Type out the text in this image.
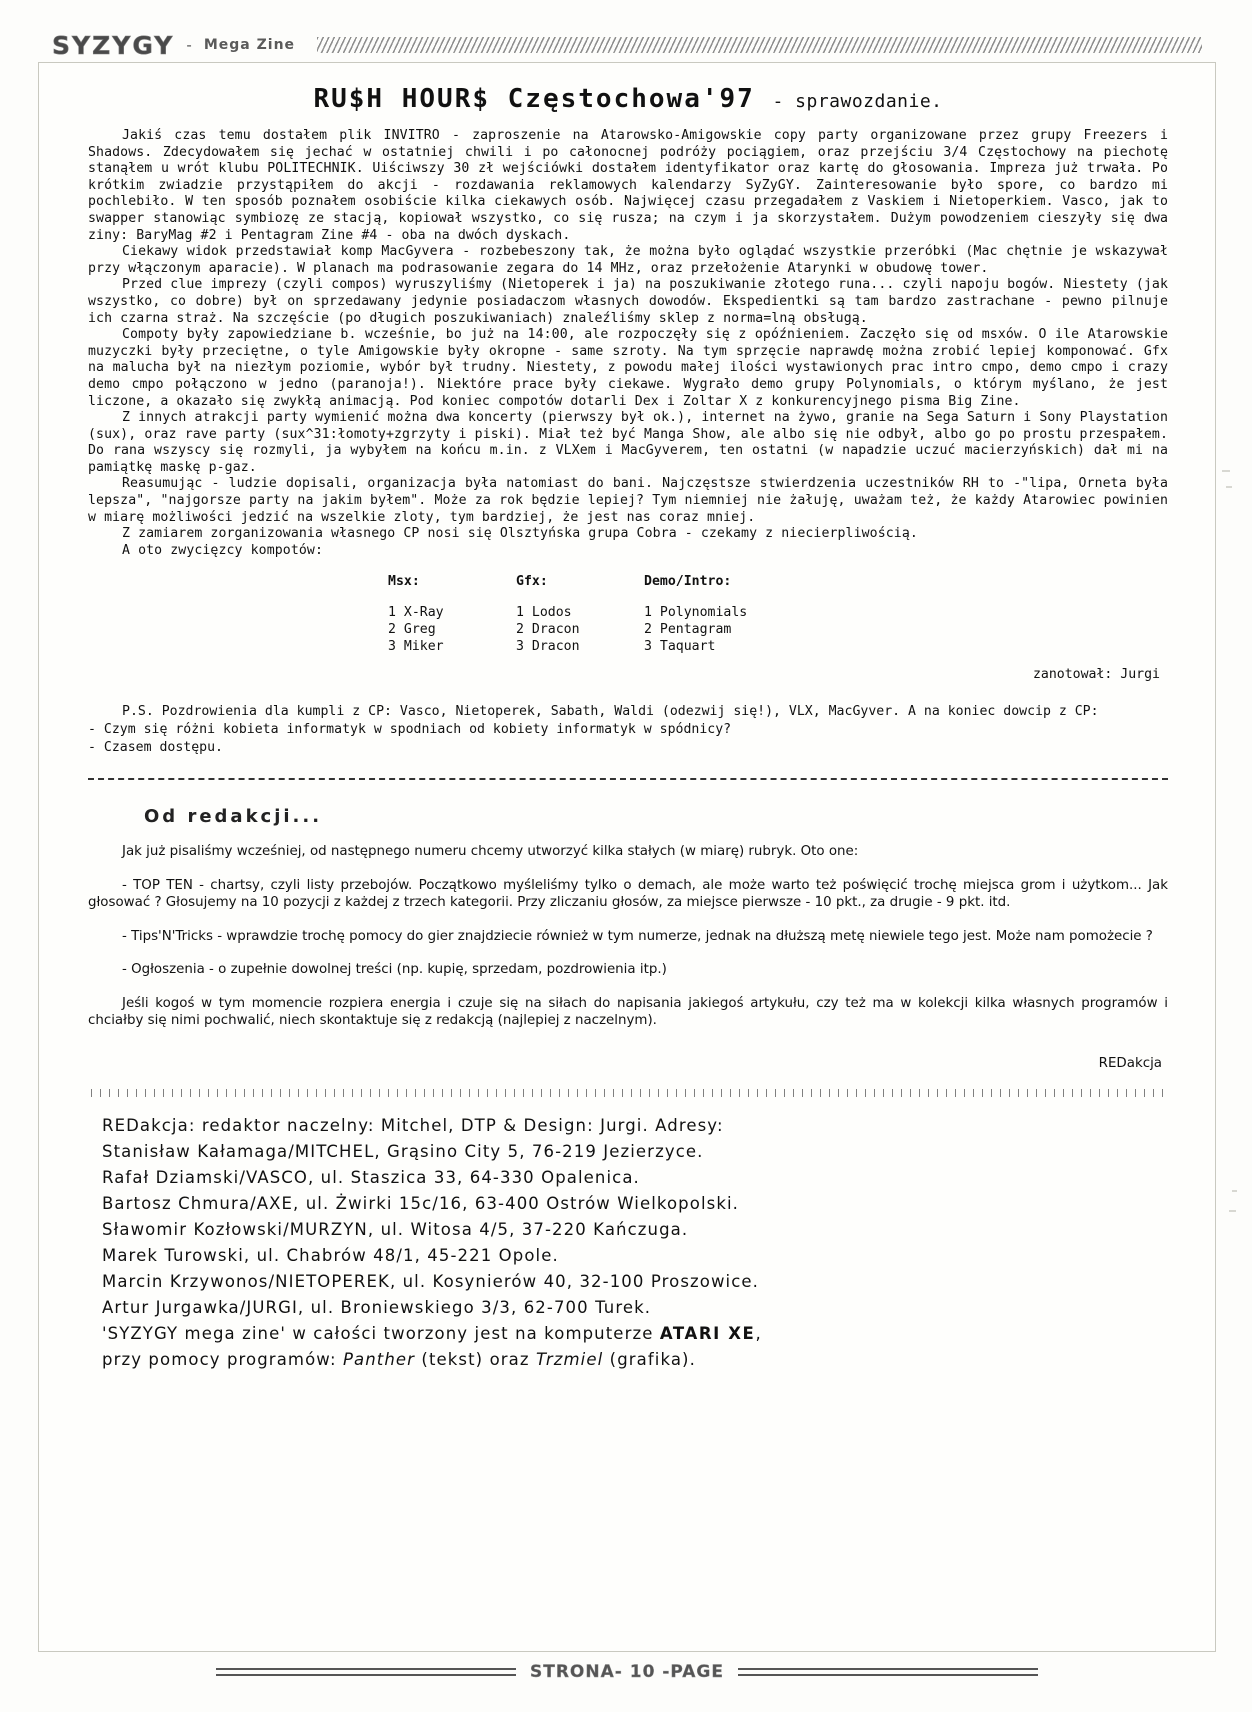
SYZYGY - Mega Zine
RU$H HOUR$ Częstochowa'97 - sprawozdanie.

Jakiś czas temu dostałem plik INVITRO - zaproszenie na Atarowsko-Amigowskie copy party organizowane przez grupy Freezers i Shadows. Zdecydowałem się jechać w ostatniej chwili i po całonocnej podróży pociągiem, oraz przejściu 3/4 Częstochowy na piechotę stanąłem u wrót klubu POLITECHNIK. Uiściwszy 30 zł wejściówki dostałem identyfikator oraz kartę do głosowania. Impreza już trwała. Po krótkim zwiadzie przystąpiłem do akcji - rozdawania reklamowych kalendarzy SyZyGY. Zainteresowanie było spore, co bardzo mi pochlebiło. W ten sposób poznałem osobiście kilka ciekawych osób. Najwięcej czasu przegadałem z Vaskiem i Nietoperkiem. Vasco, jak to swapper stanowiąc symbiozę ze stacją, kopiował wszystko, co się rusza; na czym i ja skorzystałem. Dużym powodzeniem cieszyły się dwa ziny: BaryMag #2 i Pentagram Zine #4 - oba na dwóch dyskach.

Ciekawy widok przedstawiał komp MacGyvera - rozbebeszony tak, że można było oglądać wszystkie przeróbki (Mac chętnie je wskazywał przy włączonym aparacie). W planach ma podrasowanie zegara do 14 MHz, oraz przełożenie Atarynki w obudowę tower.

Przed clue imprezy (czyli compos) wyruszyliśmy (Nietoperek i ja) na poszukiwanie złotego runa... czyli napoju bogów. Niestety (jak wszystko, co dobre) był on sprzedawany jedynie posiadaczom własnych dowodów. Ekspedientki są tam bardzo zastrachane - pewno pilnuje ich czarna straż. Na szczęście (po długich poszukiwaniach) znaleźliśmy sklep z norma=lną obsługą.

Compoty były zapowiedziane b. wcześnie, bo już na 14:00, ale rozpoczęły się z opóźnieniem. Zaczęło się od msxów. O ile Atarowskie muzyczki były przeciętne, o tyle Amigowskie były okropne - same szroty. Na tym sprzęcie naprawdę można zrobić lepiej komponować. Gfx na malucha był na niezłym poziomie, wybór był trudny. Niestety, z powodu małej ilości wystawionych prac intro cmpo, demo cmpo i crazy demo cmpo połączono w jedno (paranoja!). Niektóre prace były ciekawe. Wygrało demo grupy Polynomials, o którym myślano, że jest liczone, a okazało się zwykłą animacją. Pod koniec compotów dotarli Dex i Zoltar X z konkurencyjnego pisma Big Zine.

Z innych atrakcji party wymienić można dwa koncerty (pierwszy był ok.), internet na żywo, granie na Sega Saturn i Sony Playstation (sux), oraz rave party (sux^31:łomoty+zgrzyty i piski). Miał też być Manga Show, ale albo się nie odbył, albo go po prostu przespałem. Do rana wszyscy się rozmyli, ja wybyłem na końcu m.in. z VLXem i MacGyverem, ten ostatni (w napadzie uczuć macierzyńskich) dał mi na pamiątkę maskę p-gaz.

Reasumując - ludzie dopisali, organizacja była natomiast do bani. Najczęstsze stwierdzenia uczestników RH to -"lipa, Orneta była lepsza", "najgorsze party na jakim byłem". Może za rok będzie lepiej? Tym niemniej nie żałuję, uważam też, że każdy Atarowiec powinien w miarę możliwości jedzić na wszelkie zloty, tym bardziej, że jest nas coraz mniej.

Z zamiarem zorganizowania własnego CP nosi się Olsztyńska grupa Cobra - czekamy z niecierpliwością.

A oto zwycięzcy kompotów:

Msx:	Gfx:	Demo/Intro:
1 X-Ray	1 Lodos	1 Polynomials
2 Greg	2 Dracon	2 Pentagram
3 Miker	3 Dracon	3 Taquart
zanotował: Jurgi
P.S. Pozdrowienia dla kumpli z CP: Vasco, Nietoperek, Sabath, Waldi (odezwij się!), VLX, MacGyver. A na koniec dowcip z CP:
- Czym się różni kobieta informatyk w spodniach od kobiety informatyk w spódnicy?
- Czasem dostępu.
Od redakcji...

Jak już pisaliśmy wcześniej, od następnego numeru chcemy utworzyć kilka stałych (w miarę) rubryk. Oto one:

- TOP TEN - chartsy, czyli listy przebojów. Początkowo myśleliśmy tylko o demach, ale może warto też poświęcić trochę miejsca grom i użytkom... Jak głosować ? Głosujemy na 10 pozycji z każdej z trzech kategorii. Przy zliczaniu głosów, za miejsce pierwsze - 10 pkt., za drugie - 9 pkt. itd.

- Tips'N'Tricks - wprawdzie trochę pomocy do gier znajdziecie również w tym numerze, jednak na dłuższą metę niewiele tego jest. Może nam pomożecie ?

- Ogłoszenia - o zupełnie dowolnej treści (np. kupię, sprzedam, pozdrowienia itp.)

Jeśli kogoś w tym momencie rozpiera energia i czuje się na siłach do napisania jakiegoś artykułu, czy też ma w kolekcji kilka własnych programów i chciałby się nimi pochwalić, niech skontaktuje się z redakcją (najlepiej z naczelnym).

REDakcja
REDakcja: redaktor naczelny: Mitchel, DTP & Design: Jurgi. Adresy:
Stanisław Kałamaga/MITCHEL, Grąsino City 5, 76-219 Jezierzyce.
Rafał Dziamski/VASCO, ul. Staszica 33, 64-330 Opalenica.
Bartosz Chmura/AXE, ul. Żwirki 15c/16, 63-400 Ostrów Wielkopolski.
Sławomir Kozłowski/MURZYN, ul. Witosa 4/5, 37-220 Kańczuga.
Marek Turowski, ul. Chabrów 48/1, 45-221 Opole.
Marcin Krzywonos/NIETOPEREK, ul. Kosynierów 40, 32-100 Proszowice.
Artur Jurgawka/JURGI, ul. Broniewskiego 3/3, 62-700 Turek.
'SYZYGY mega zine' w całości tworzony jest na komputerze ATARI XE,
przy pomocy programów: Panther (tekst) oraz Trzmiel (grafika).
STRONA- 10 -PAGE
